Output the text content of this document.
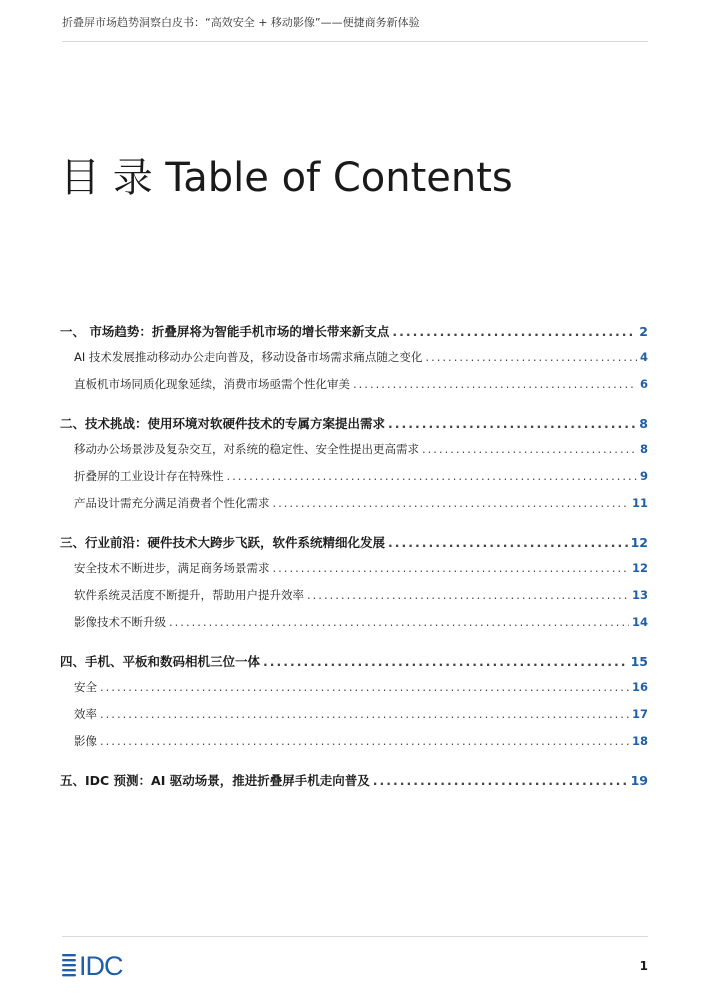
折叠屏市场趋势洞察白皮书：“高效安全 + 移动影像”——便捷商务新体验
目 录 Table of Contents
一、 市场趋势：折叠屏将为智能手机市场的增长带来新支点 .....	2
AI 技术发展推动移动办公走向普及，移动设备市场需求痛点随之变化 .....	4
直板机市场同质化现象延续，消费市场亟需个性化审美 .....	6
二、技术挑战：使用环境对软硬件技术的专属方案提出需求 .....	8
移动办公场景涉及复杂交互，对系统的稳定性、安全性提出更高需求 .....	8
折叠屏的工业设计存在特殊性 .....	9
产品设计需充分满足消费者个性化需求 .....	11
三、行业前沿：硬件技术大跨步飞跃，软件系统精细化发展 .....	12
安全技术不断进步，满足商务场景需求 .....	12
软件系统灵活度不断提升，帮助用户提升效率 .....	13
影像技术不断升级 .....	14
四、手机、平板和数码相机三位一体 .....	15
安全 .....	16
效率 .....	17
影像 .....	18
五、IDC 预测：AI 驱动场景，推进折叠屏手机走向普及 .....	19
IDC	1
